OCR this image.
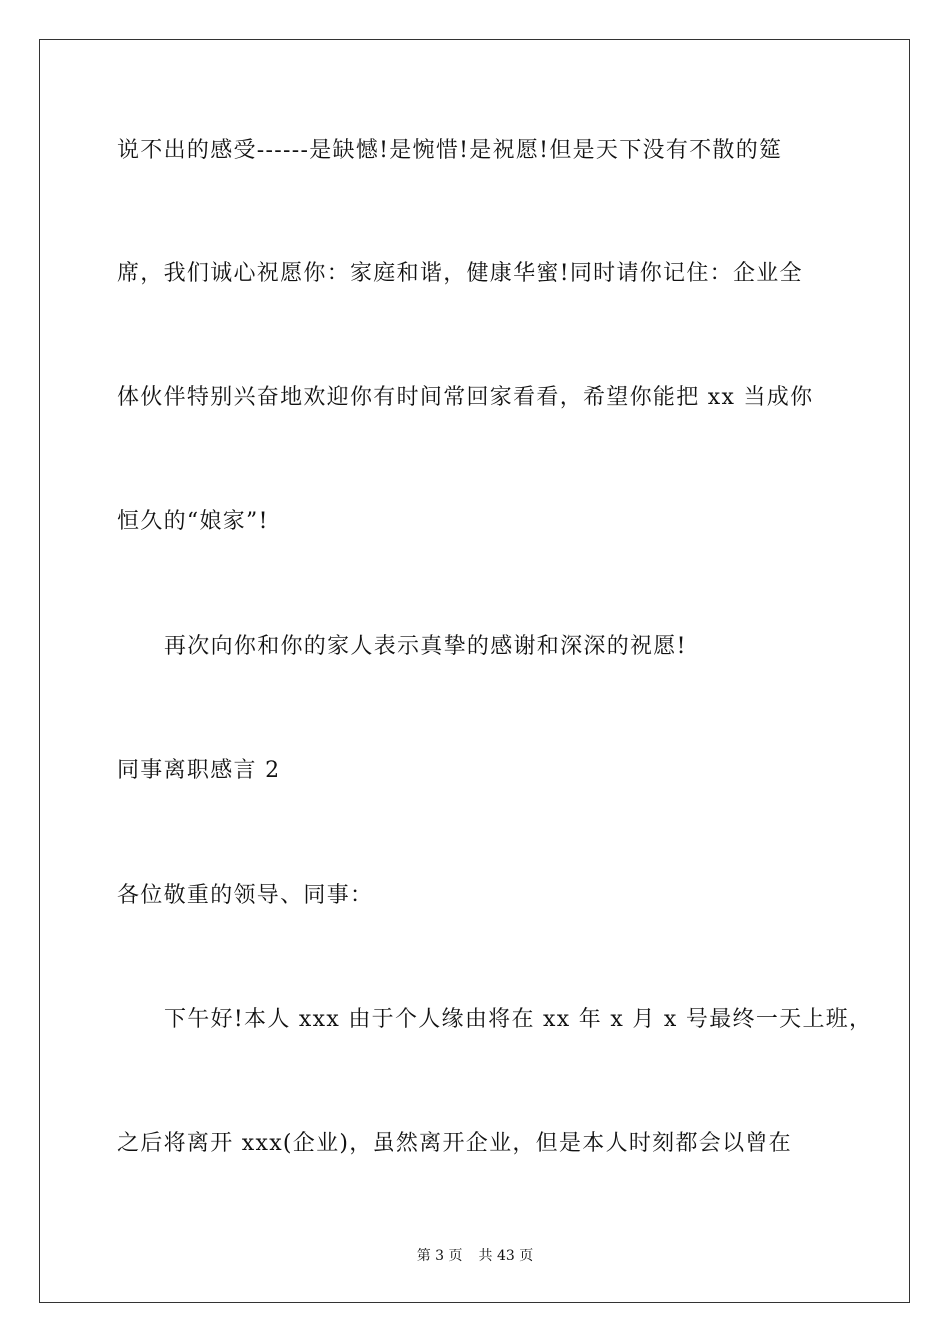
说不出的感受------是缺憾!是惋惜!是祝愿!但是天下没有不散的筵
席，我们诚心祝愿你：家庭和谐，健康华蜜!同时请你记住：企业全
体伙伴特别兴奋地欢迎你有时间常回家看看，希望你能把 xx 当成你
恒久的“娘家”!
再次向你和你的家人表示真挚的感谢和深深的祝愿!
同事离职感言 2
各位敬重的领导、同事：
下午好!本人 xxx 由于个人缘由将在 xx 年 x 月 x 号最终一天上班，
之后将离开 xxx(企业)，虽然离开企业，但是本人时刻都会以曾在
第 3 页 共 43 页
